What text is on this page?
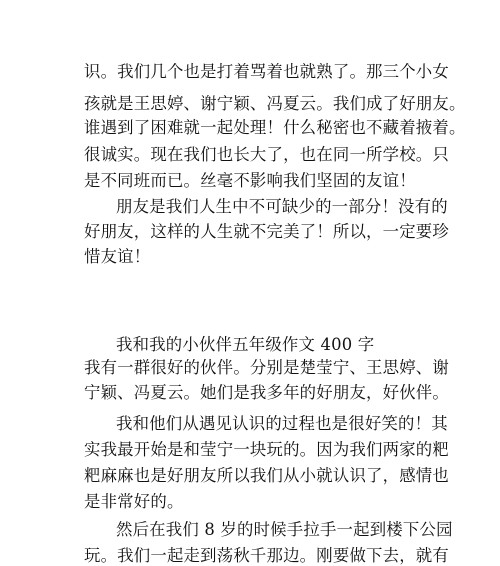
识。我们几个也是打着骂着也就熟了。那三个小女
孩就是王思婷、谢宁颖、冯夏云。我们成了好朋友。
谁遇到了困难就一起处理！什么秘密也不藏着掖着。
很诚实。现在我们也长大了，也在同一所学校。只
是不同班而已。丝毫不影响我们坚固的友谊！
朋友是我们人生中不可缺少的一部分！没有的
好朋友，这样的人生就不完美了！所以，一定要珍
惜友谊！
我和我的小伙伴五年级作文 400 字
我有一群很好的伙伴。分别是楚莹宁、王思婷、谢
宁颖、冯夏云。她们是我多年的好朋友，好伙伴。
我和他们从遇见认识的过程也是很好笑的！其
实我最开始是和莹宁一块玩的。因为我们两家的粑
粑麻麻也是好朋友所以我们从小就认识了，感情也
是非常好的。
然后在我们 8 岁的时候手拉手一起到楼下公园
玩。我们一起走到荡秋千那边。刚要做下去，就有
